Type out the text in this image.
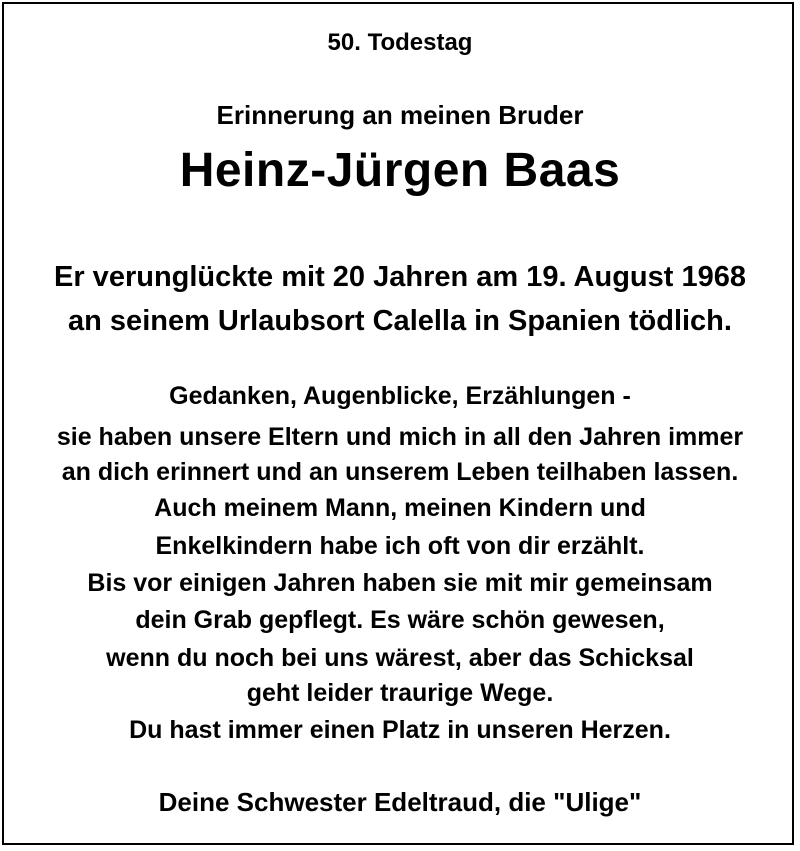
50. Todestag
Erinnerung an meinen Bruder
Heinz-Jürgen Baas
Er verunglückte mit 20 Jahren am 19. August 1968
an seinem Urlaubsort Calella in Spanien tödlich.
Gedanken, Augenblicke, Erzählungen -
sie haben unsere Eltern und mich in all den Jahren immer
an dich erinnert und an unserem Leben teilhaben lassen.
Auch meinem Mann, meinen Kindern und
Enkelkindern habe ich oft von dir erzählt.
Bis vor einigen Jahren haben sie mit mir gemeinsam
dein Grab gepflegt. Es wäre schön gewesen,
wenn du noch bei uns wärest, aber das Schicksal
geht leider traurige Wege.
Du hast immer einen Platz in unseren Herzen.
Deine Schwester Edeltraud, die "Ulige"
